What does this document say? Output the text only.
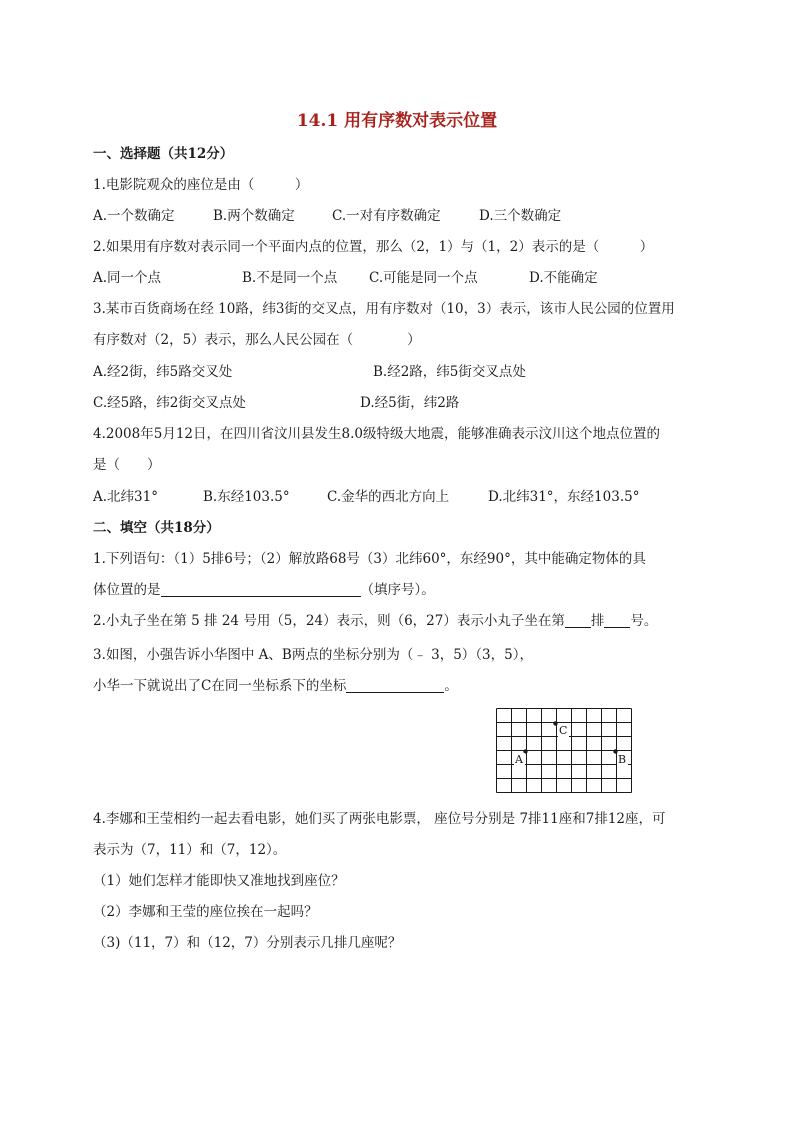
14.1 用有序数对表示位置
一、选择题（共12分）
1.电影院观众的座位是由（　　　）
A.一个数确定	B.两个数确定	C.一对有序数确定	D.三个数确定
2.如果用有序数对表示同一个平面内点的位置，那么（2，1）与（1，2）表示的是（　　　）
A.同一个点	B.不是同一个点 C.可能是同一个点	D.不能确定
3.某市百货商场在经 10路，纬3街的交叉点，用有序数对（10，3）表示，该市人民公园的位置用
有序数对（2，5）表示，那么人民公园在（　　　　）
A.经2街，纬5路交叉处	B.经2路，纬5街交叉点处
C.经5路，纬2街交叉点处	D.经5街，纬2路
4.2008年5月12日，在四川省汶川县发生8.0级特级大地震，能够准确表示汶川这个地点位置的
是（　　）
A.北纬31°	B.东经103.5°	C.金华的西北方向上	D.北纬31°，东经103.5°
二、填空（共18分）
1.下列语句：（1）5排6号；（2）解放路68号（3）北纬60°，东经90°，其中能确定物体的具
体位置的是	（填序号）。
2.小丸子坐在第 5 排 24 号用（5，24）表示，则（6，27）表示小丸子坐在第 排 号。
3.如图，小强告诉小华图中 A、B两点的坐标分别为（﹣ 3，5）（3，5），
小华一下就说出了C在同一坐标系下的坐标	。
A	B
C
4.李娜和王莹相约一起去看电影，她们买了两张电影票， 座位号分别是 7排11座和7排12座，可
表示为（7，11）和（7，12）。
（1）她们怎样才能即快又准地找到座位？
（2）李娜和王莹的座位挨在一起吗？
（3)（11，7）和（12，7）分别表示几排几座呢？
